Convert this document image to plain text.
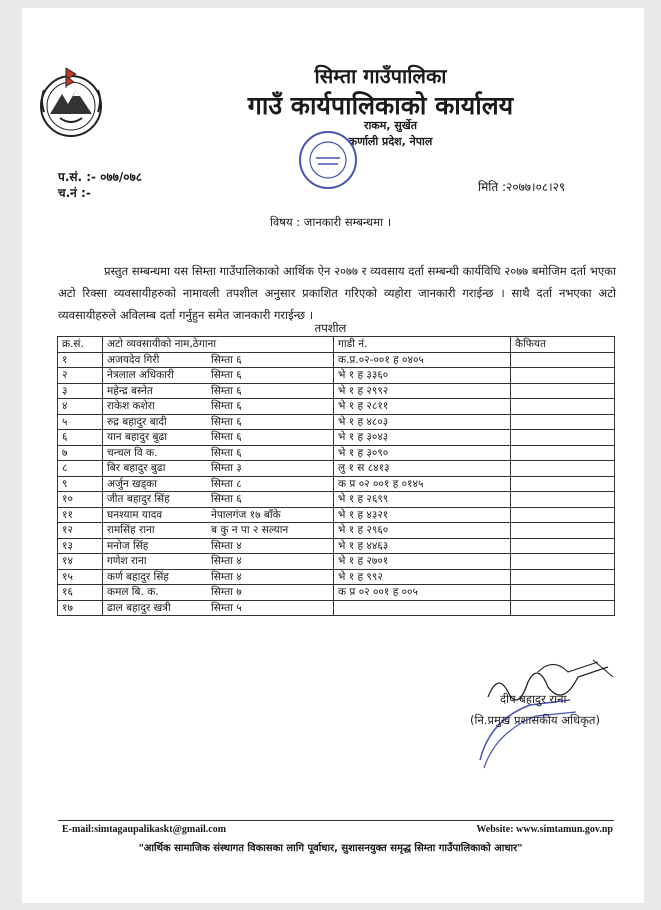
सिम्ता गाउँपालिका
गाउँ कार्यपालिकाको कार्यालय
राकम, सुर्खेत
कर्णाली प्रदेश, नेपाल
प.सं. :- ०७७/०७८
च.नं :-	मिति :२०७७।०८।२९
विषय : जानकारी सम्बन्धमा ।
प्रस्तुत सम्बन्धमा यस सिम्ता गाउँपालिकाको आर्थिक ऐन २०७७ र व्यवसाय दर्ता सम्बन्धी कार्यविधि २०७७ बमोजिम दर्ता भएका अटो रिक्सा व्यवसायीहरुको नामावली तपशील अनुसार प्रकाशित गरिएको व्यहोरा जानकारी गराईन्छ । साथै दर्ता नभएका अटो व्यवसायीहरुले अविलम्ब दर्ता गर्नुहुन समेत जानकारी गराईन्छ ।
तपशील
क्र.सं.	अटो व्यवसायीको नाम,ठेगाना	गाडी नं.	कैफियत
१	अजयदेव गिरी सिम्ता ६	क.प्र.०२-००१ ह ०४०५	
२	नेत्रलाल अधिकारी सिम्ता ६	भे १ ह ३३६०	
३	महेन्द्र बस्नेत सिम्ता ६	भे १ ह २९९२	
४	राकेश कशेरा सिम्ता ६	भे १ ह २८११	
५	रुद्र बहादुर बादी सिम्ता ६	भे १ ह ४८०३	
६	यान बहादुर बुढा सिम्ता ६	भे १ ह ३०४३	
७	चन्चल वि क. सिम्ता ६	भे १ ह ३०९०	
८	बिर बहादुर बुढा सिम्ता ३	लु १ स ८४१३	
९	अर्जुन खड्का सिम्ता ८	क प्र ०२ ००१ ह ०१४५	
१०	जीत बहादुर सिंह सिम्ता ६	भे १ ह २६९९	
११	घनश्याम यादव नेपालगंज १७ बाँके	भे १ ह ४३२१	
१२	रामसिंह राना ब कु न पा २ सल्यान	भे १ ह २९६०	
१३	मनोज सिंह सिम्ता ४	भे १ ह ४४६३	
१४	गणेश राना सिम्ता ४	भे १ ह २७०१	
१५	कर्ण बहादुर सिंह सिम्ता ४	भे १ ह ९९२	
१६	कमल बि. क. सिम्ता ७	क प्र ०२ ००१ ह ००५	
१७	ढाल बहादुर खत्री सिम्ता ५		
दीप बहादुर राना
(नि.प्रमुख प्रशासकीय अधिकृत)
E-mail:simtagaupalikaskt@gmail.com	Website: www.simtamun.gov.np
"आर्थिक सामाजिक संस्थागत विकासका लागि पूर्वाधार, सुशासनयुक्त समृद्ध सिम्ता गाउँपालिकाको आधार"
